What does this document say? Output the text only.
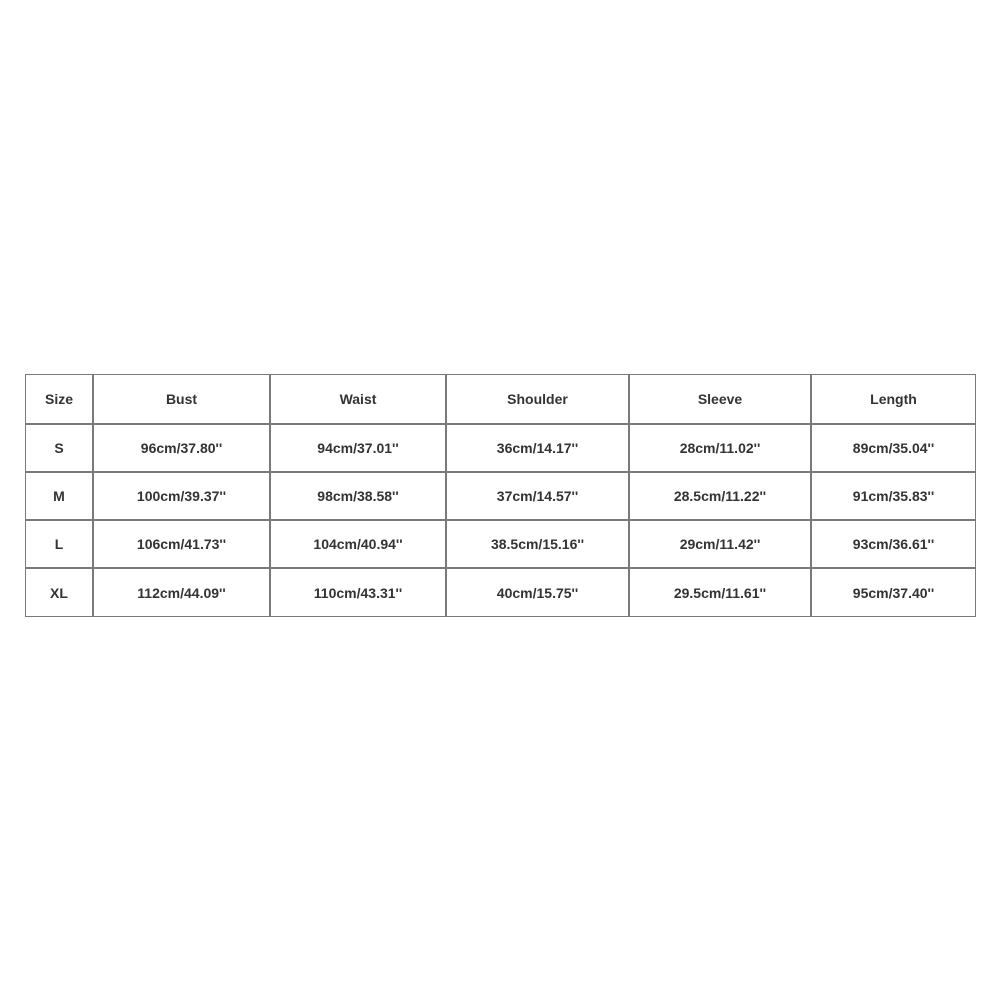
Size	Bust	Waist	Shoulder	Sleeve	Length
S	96cm/37.80''	94cm/37.01''	36cm/14.17''	28cm/11.02''	89cm/35.04''
M	100cm/39.37''	98cm/38.58''	37cm/14.57''	28.5cm/11.22''	91cm/35.83''
L	106cm/41.73''	104cm/40.94''	38.5cm/15.16''	29cm/11.42''	93cm/36.61''
XL	112cm/44.09''	110cm/43.31''	40cm/15.75''	29.5cm/11.61''	95cm/37.40''
